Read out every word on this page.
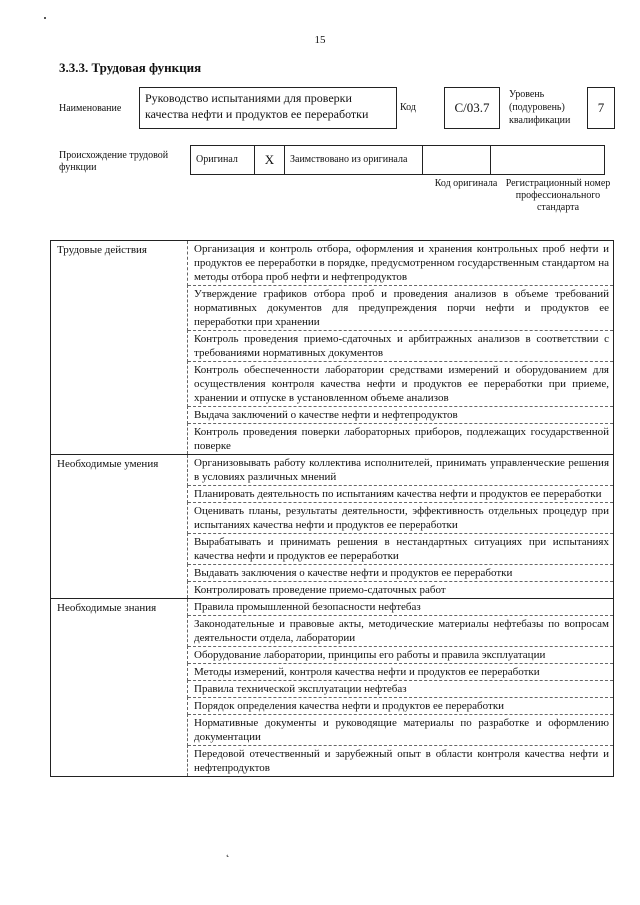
15
3.3.3. Трудовая функция
Наименование
Руководство испытаниями для проверки качества нефти и продуктов ее переработки	Код	С/03.7
Уровень (подуровень) квалификации
7
Происхождение трудовой функции
Оригинал	X	Заимствовано из оригинала		
Код оригинала Регистрационный номер профессионального стандарта
Трудовые действия	Организация и контроль отбора, оформления и хранения контрольных проб нефти и продуктов ее переработки в порядке, предусмотренном государственным стандартом на методы отбора проб нефти и нефтепродуктов
	Утверждение графиков отбора проб и проведения анализов в объеме требований нормативных документов для предупреждения порчи нефти и продуктов ее переработки при хранении
	Контроль проведения приемо-сдаточных и арбитражных анализов в соответствии с требованиями нормативных документов
	Контроль обеспеченности лаборатории средствами измерений и оборудованием для осуществления контроля качества нефти и продуктов ее переработки при приеме, хранении и отпуске в установленном объеме анализов
	Выдача заключений о качестве нефти и нефтепродуктов
	Контроль проведения поверки лабораторных приборов, подлежащих государственной поверке
Необходимые умения	Организовывать работу коллектива исполнителей, принимать управленческие решения в условиях различных мнений
	Планировать деятельность по испытаниям качества нефти и продуктов ее переработки
	Оценивать планы, результаты деятельности, эффективность отдельных процедур при испытаниях качества нефти и продуктов ее переработки
	Вырабатывать и принимать решения в нестандартных ситуациях при испытаниях качества нефти и продуктов ее переработки
	Выдавать заключения о качестве нефти и продуктов ее переработки
	Контролировать проведение приемо-сдаточных работ
Необходимые знания	Правила промышленной безопасности нефтебаз
	Законодательные и правовые акты, методические материалы нефтебазы по вопросам деятельности отдела, лаборатории
	Оборудование лаборатории, принципы его работы и правила эксплуатации
	Методы измерений, контроля качества нефти и продуктов ее переработки
	Правила технической эксплуатации нефтебаз
	Порядок определения качества нефти и продуктов ее переработки
	Нормативные документы и руководящие материалы по разработке и оформлению документации
	Передовой отечественный и зарубежный опыт в области контроля качества нефти и нефтепродуктов
˛
